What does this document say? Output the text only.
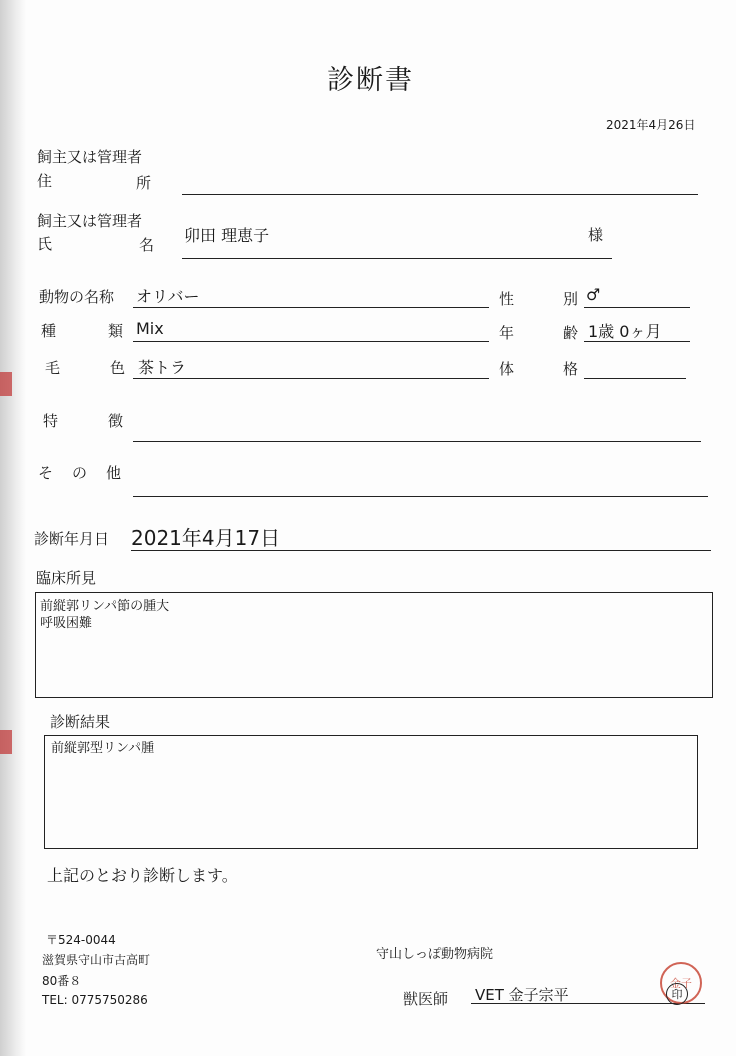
診断書
2021年4月26日
飼主又は管理者
住	所
飼主又は管理者
氏	名 卯田 理恵子	様
動物の名称 オリバー	性	別 ♂
種	類 Mix	年	齢 1歳 0ヶ月
毛	色 茶トラ	体	格
特	徴
そ の 他
診断年月日 2021年4月17日
臨床所見
前縦郭リンパ節の腫大
呼吸困難
診断結果
前縦郭型リンパ腫
上記のとおり診断します。
〒524-0044
滋賀県守山市古高町
80番８
TEL: 0775750286
守山しっぽ動物病院
獣医師 VET 金子宗平
金子
印
